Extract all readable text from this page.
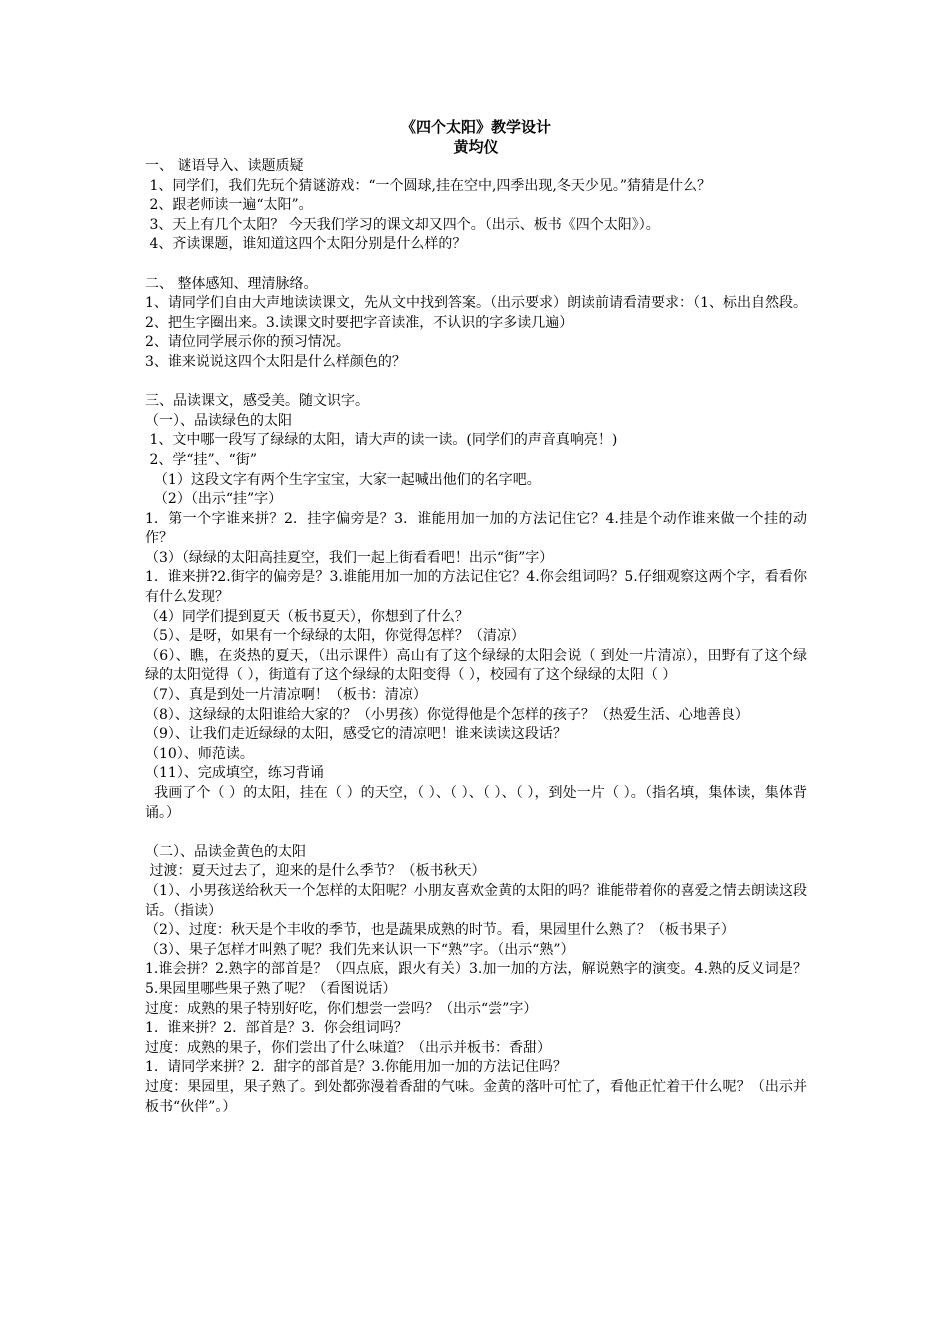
《四个太阳》教学设计
黄均仪
一、 谜语导入、读题质疑
1、同学们，我们先玩个猜谜游戏：“一个圆球,挂在空中,四季出现,冬天少见。”猜猜是什么？
2、跟老师读一遍“太阳”。
3、天上有几个太阳？ 今天我们学习的课文却又四个。（出示、板书《四个太阳》）。
4、齐读课题，谁知道这四个太阳分别是什么样的？
二、 整体感知、理清脉络。
1、请同学们自由大声地读读课文，先从文中找到答案。（出示要求）朗读前请看清要求：（1、标出自然段。2、把生字圈出来。3.读课文时要把字音读准，不认识的字多读几遍）
2、请位同学展示你的预习情况。
3、谁来说说这四个太阳是什么样颜色的？
三、品读课文，感受美。随文识字。
（一）、品读绿色的太阳
1、文中哪一段写了绿绿的太阳，请大声的读一读。(同学们的声音真响亮！)
2、学“挂”、“街”
（1）这段文字有两个生字宝宝，大家一起喊出他们的名字吧。
（2）（出示“挂”字）
1.  第一个字谁来拼？2.  挂字偏旁是？3.  谁能用加一加的方法记住它？4.挂是个动作谁来做一个挂的动作？
（3）（绿绿的太阳高挂夏空，我们一起上街看看吧！出示“街”字）
1.  谁来拼?2.街字的偏旁是？3.谁能用加一加的方法记住它？4.你会组词吗？5.仔细观察这两个字，看看你有什么发现？
（4）同学们提到夏天（板书夏天），你想到了什么？
（5）、是呀，如果有一个绿绿的太阳，你觉得怎样？（清凉）
（6）、瞧，在炎热的夏天，（出示课件）高山有了这个绿绿的太阳会说（ 到处一片清凉），田野有了这个绿绿的太阳觉得（ ），街道有了这个绿绿的太阳变得（ ），校园有了这个绿绿的太阳（ ）
（7）、真是到处一片清凉啊！（板书：清凉）
（8）、这绿绿的太阳谁给大家的？（小男孩）你觉得他是个怎样的孩子？（热爱生活、心地善良）
（9）、让我们走近绿绿的太阳，感受它的清凉吧！谁来读读这段话？
（10）、师范读。
（11）、完成填空，练习背诵
我画了个（ ）的太阳，挂在（ ）的天空，（ ）、（ ）、（ ）、（ ），到处一片（ ）。（指名填，集体读，集体背诵。）
（二）、品读金黄色的太阳
过渡：夏天过去了，迎来的是什么季节？（板书秋天）
（1）、小男孩送给秋天一个怎样的太阳呢？小朋友喜欢金黄的太阳的吗？谁能带着你的喜爱之情去朗读这段话。（指读）
（2）、过度：秋天是个丰收的季节，也是蔬果成熟的时节。看，果园里什么熟了？（板书果子）
（3）、果子怎样才叫熟了呢？我们先来认识一下“熟”字。（出示“熟”）
1.谁会拼？2.熟字的部首是？（四点底，跟火有关）3.加一加的方法，解说熟字的演变。4.熟的反义词是？5.果园里哪些果子熟了呢？（看图说话）
过度：成熟的果子特别好吃，你们想尝一尝吗？（出示“尝”字）
1.  谁来拼？2.  部首是？3.  你会组词吗？
过度：成熟的果子，你们尝出了什么味道？（出示并板书：香甜）
1.  请同学来拼？2.  甜字的部首是？3.你能用加一加的方法记住吗？
过度：果园里，果子熟了。到处都弥漫着香甜的气味。金黄的落叶可忙了，看他正忙着干什么呢？（出示并板书“伙伴”。）
